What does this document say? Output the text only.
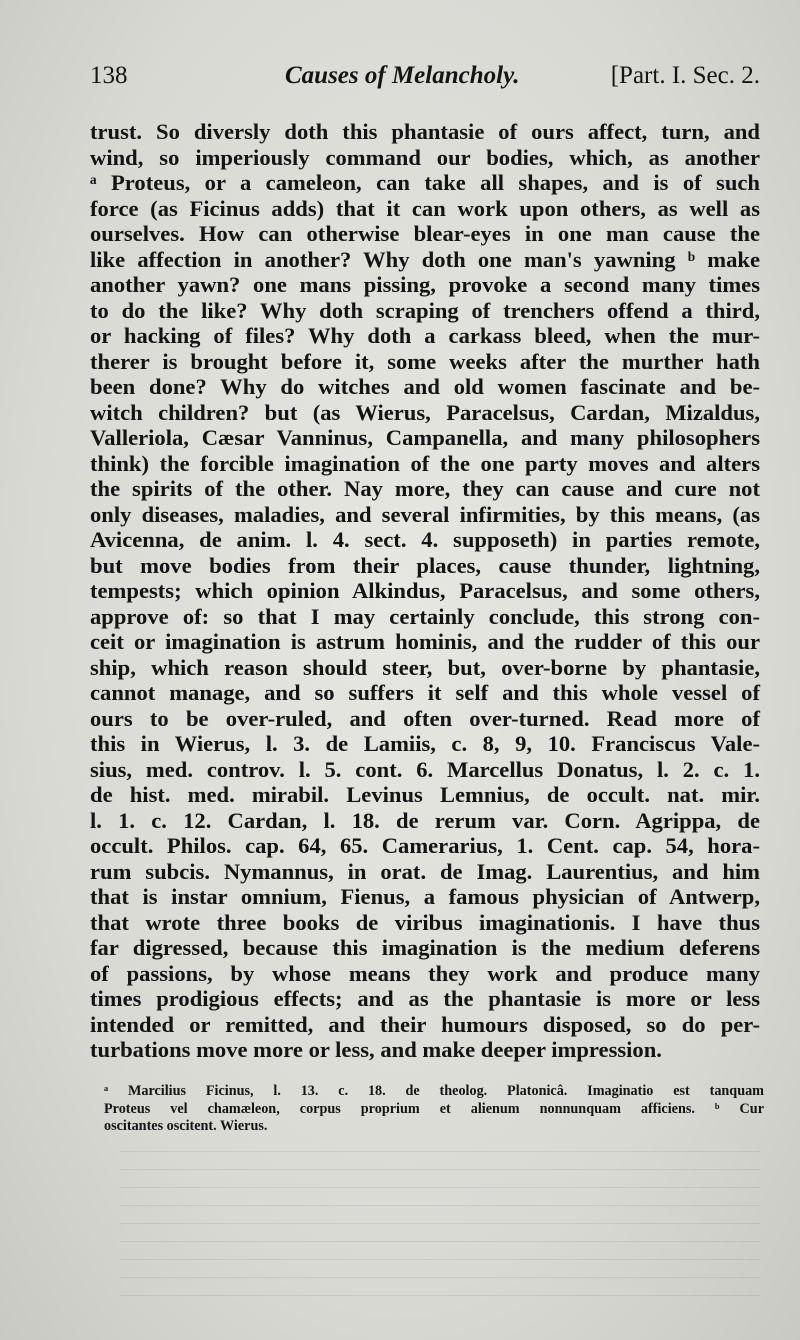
138	Causes of Melancholy.	[Part. I. Sec. 2.
trust. So diversly doth this phantasie of ours affect, turn, and
wind, so imperiously command our bodies, which, as another
ᵃ Proteus, or a cameleon, can take all shapes, and is of such
force (as Ficinus adds) that it can work upon others, as well as
ourselves. How can otherwise blear-eyes in one man cause the
like affection in another? Why doth one man's yawning ᵇ make
another yawn? one mans pissing, provoke a second many times
to do the like? Why doth scraping of trenchers offend a third,
or hacking of files? Why doth a carkass bleed, when the mur-
therer is brought before it, some weeks after the murther hath
been done? Why do witches and old women fascinate and be-
witch children? but (as Wierus, Paracelsus, Cardan, Mizaldus,
Valleriola, Cæsar Vanninus, Campanella, and many philosophers
think) the forcible imagination of the one party moves and alters
the spirits of the other. Nay more, they can cause and cure not
only diseases, maladies, and several infirmities, by this means, (as
Avicenna, de anim. l. 4. sect. 4. supposeth) in parties remote,
but move bodies from their places, cause thunder, lightning,
tempests; which opinion Alkindus, Paracelsus, and some others,
approve of: so that I may certainly conclude, this strong con-
ceit or imagination is astrum hominis, and the rudder of this our
ship, which reason should steer, but, over-borne by phantasie,
cannot manage, and so suffers it self and this whole vessel of
ours to be over-ruled, and often over-turned. Read more of
this in Wierus, l. 3. de Lamiis, c. 8, 9, 10. Franciscus Vale-
sius, med. controv. l. 5. cont. 6. Marcellus Donatus, l. 2. c. 1.
de hist. med. mirabil. Levinus Lemnius, de occult. nat. mir.
l. 1. c. 12. Cardan, l. 18. de rerum var. Corn. Agrippa, de
occult. Philos. cap. 64, 65. Camerarius, 1. Cent. cap. 54, hora-
rum subcis. Nymannus, in orat. de Imag. Laurentius, and him
that is instar omnium, Fienus, a famous physician of Antwerp,
that wrote three books de viribus imaginationis. I have thus
far digressed, because this imagination is the medium deferens
of passions, by whose means they work and produce many
times prodigious effects; and as the phantasie is more or less
intended or remitted, and their humours disposed, so do per-
turbations move more or less, and make deeper impression.
ᵃ Marcilius Ficinus, l. 13. c. 18. de theolog. Platonicâ. Imaginatio est tanquam
Proteus vel chamæleon, corpus proprium et alienum nonnunquam afficiens. ᵇ Cur
oscitantes oscitent. Wierus.
